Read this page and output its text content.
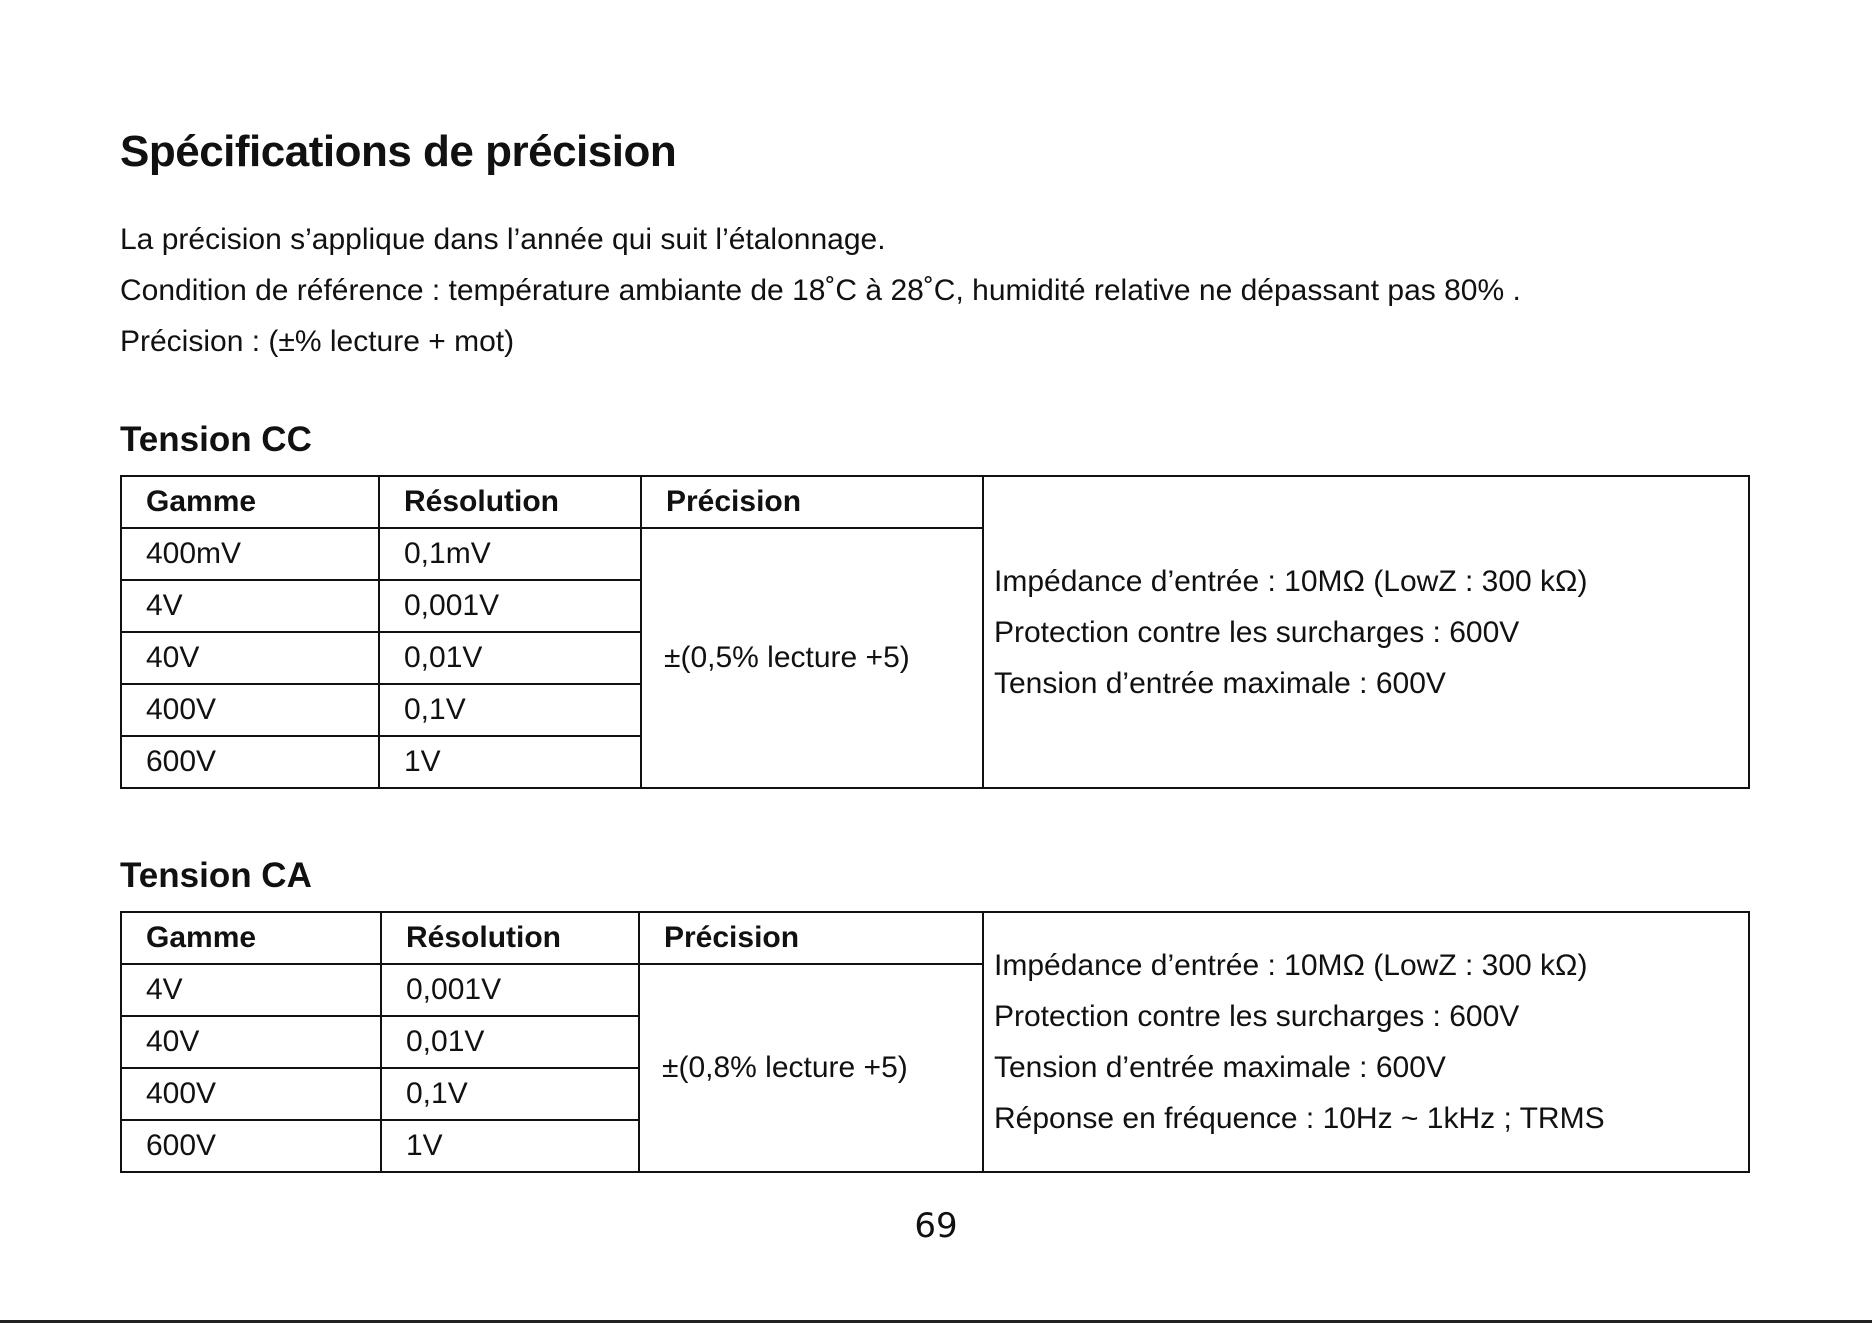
Spécifications de précision

La précision s’applique dans l’année qui suit l’étalonnage.

Condition de référence : température ambiante de 18˚C à 28˚C, humidité relative ne dépassant pas 80% .

Précision : (±% lecture + mot)

Tension CC
Gamme	Résolution	Précision	Impédance d’entrée : 10MΩ (LowZ : 300 kΩ)
Protection contre les surcharges : 600V
Tension d’entrée maximale : 600V

400mV	0,1mV	±(0,5% lecture +5)	
4V	0,001V		
40V	0,01V		
400V	0,1V		
600V	1V		
Tension CA
Gamme	Résolution	Précision	Impédance d’entrée : 10MΩ (LowZ : 300 kΩ)
Protection contre les surcharges : 600V
Tension d’entrée maximale : 600V
Réponse en fréquence : 10Hz ~ 1kHz ; TRMS

4V	0,001V	±(0,8% lecture +5)	
40V	0,01V		
400V	0,1V		
600V	1V		
69
